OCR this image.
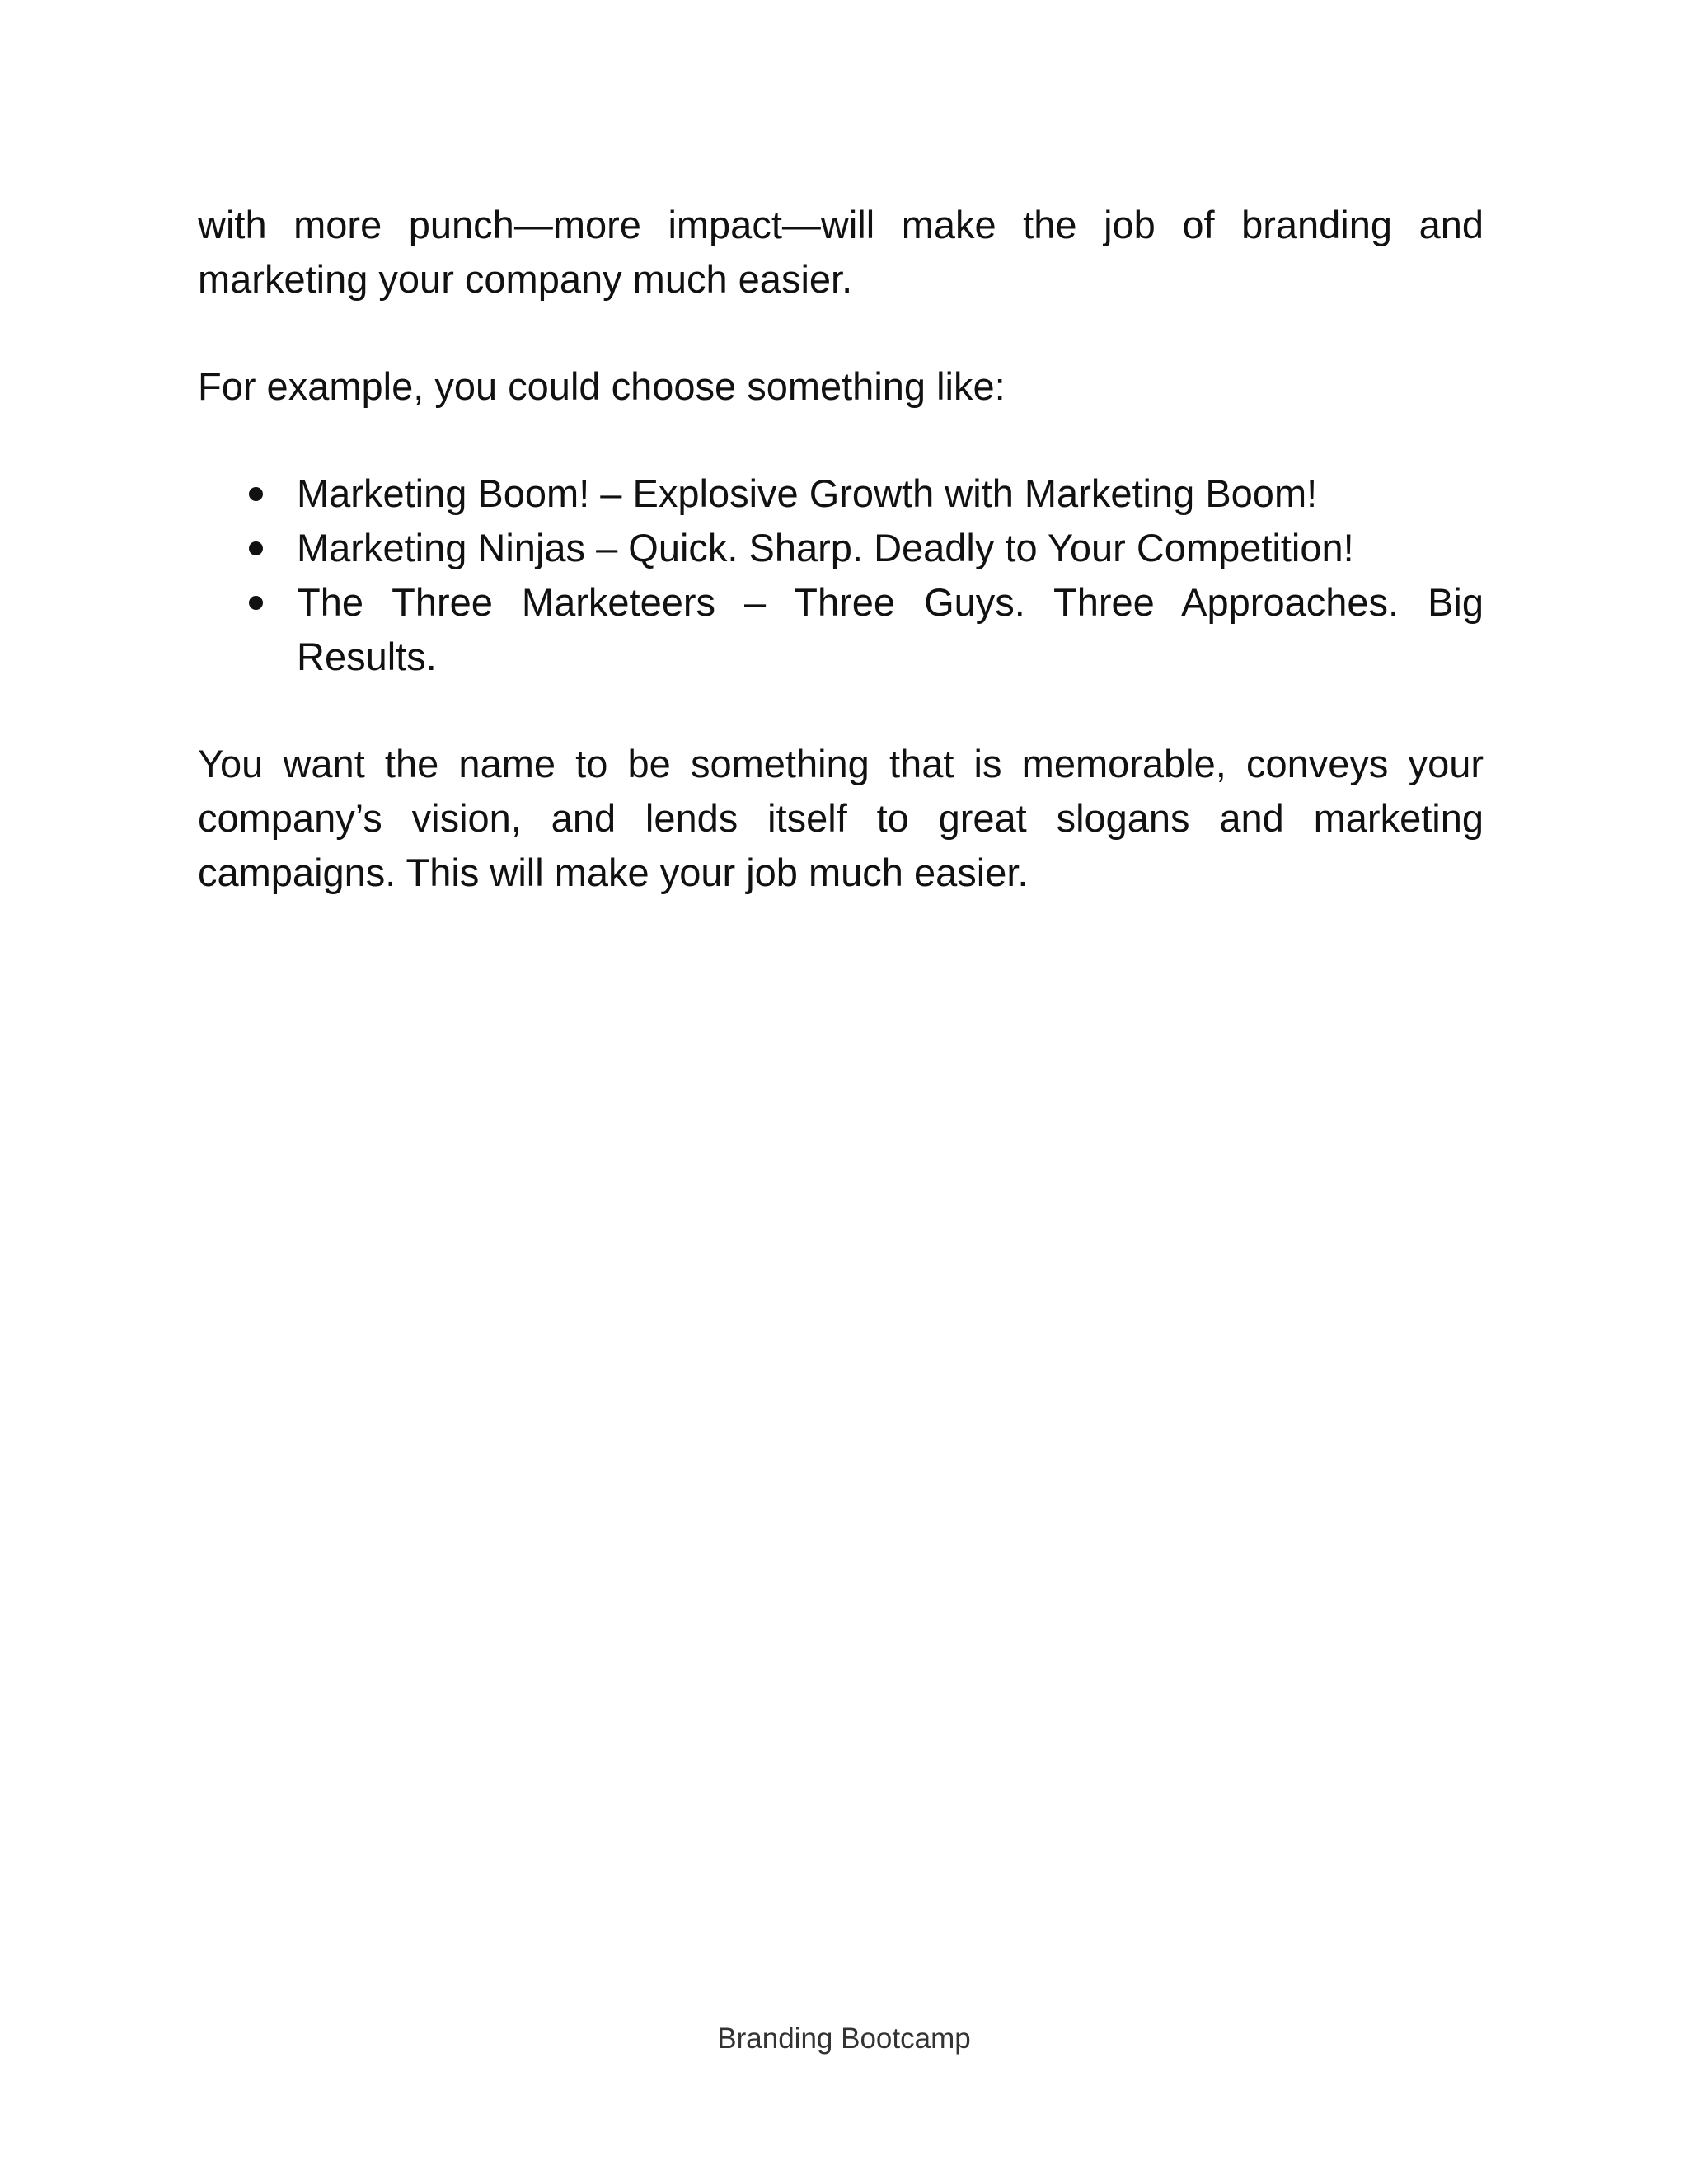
with more punch—more impact—will make the job of branding and marketing your company much easier.

For example, you could choose something like:

Marketing Boom! – Explosive Growth with Marketing Boom!
Marketing Ninjas – Quick. Sharp. Deadly to Your Competition!
The Three Marketeers – Three Guys. Three Approaches. Big Results.

You want the name to be something that is memorable, conveys your company’s vision, and lends itself to great slogans and marketing campaigns. This will make your job much easier.

Branding Bootcamp
